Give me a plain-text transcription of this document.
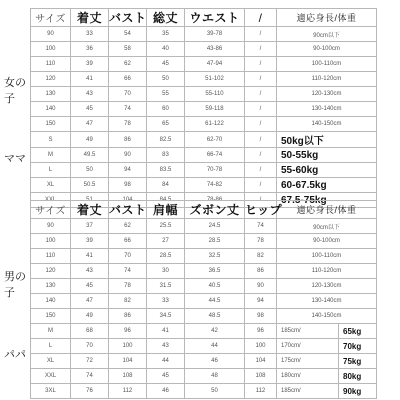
サイズ	着丈	バスト	総丈	ウエスト	/	適応身長/体重
90	33	54	35	39-78	/	90cm以下
100	36	58	40	43-86	/	90-100cm
110	39	62	45	47-94	/	100-110cm
120	41	66	50	51-102	/	110-120cm
130	43	70	55	55-110	/	120-130cm
140	45	74	60	59-118	/	130-140cm
150	47	78	65	61-122	/	140-150cm
S	49	86	82.5	62-70	/	50kg以下
M	49.5	90	83	66-74	/	50-55kg
L	50	94	83.5	70-78	/	55-60kg
XL	50.5	98	84	74-82	/	60-67.5kg
XXL	51	104	84.5	78-86	/	67.5-75kg
サイズ	着丈	バスト	肩幅	ズボン丈	ヒップ	適応身長/体重	
90	37	62	25.5	24.5	74	90cm以下	
100	39	66	27	28.5	78	90-100cm	
110	41	70	28.5	32.5	82	100-110cm	
120	43	74	30	36.5	86	110-120cm	
130	45	78	31.5	40.5	90	120-130cm	
140	47	82	33	44.5	94	130-140cm	
150	49	86	34.5	48.5	98	140-150cm	
M	68	96	41	42	96	185cm/	65kg
L	70	100	43	44	100	170cm/	70kg
XL	72	104	44	46	104	175cm/	75kg
XXL	74	108	45	48	108	180cm/	80kg
3XL	76	112	46	50	112	185cm/	90kg
女の子
ママ
男の子
パパ
